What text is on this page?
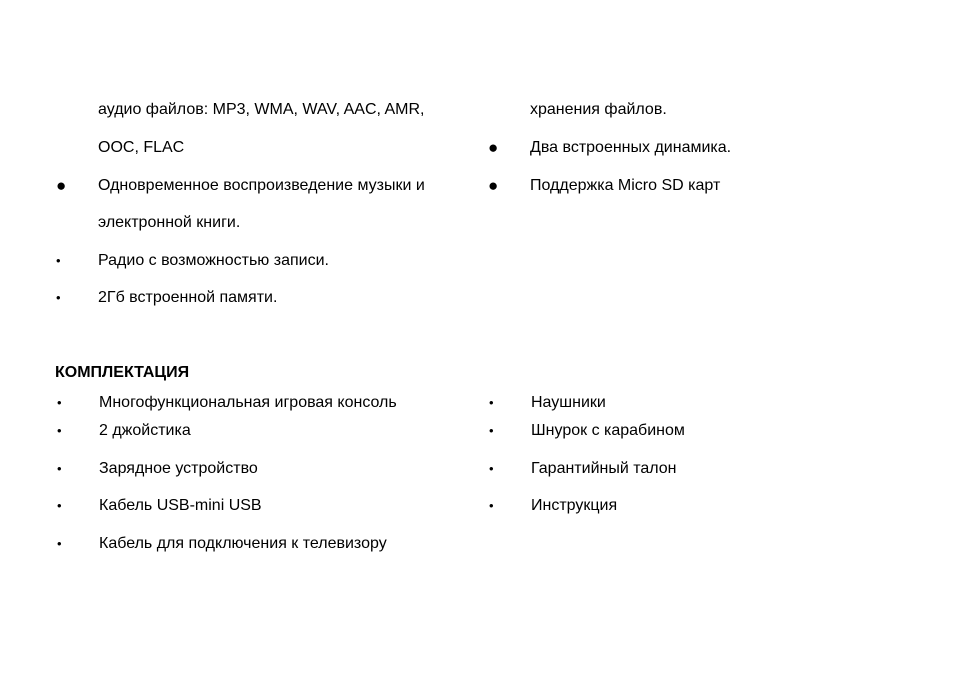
аудио файлов: MP3, WMA, WAV, AAC, AMR,
OOC, FLAC
● Одновременное воспроизведение музыки и
электронной книги.
• Радио с возможностью записи.
• 2Гб встроенной памяти.
хранения файлов.
● Два встроенных динамика.
● Поддержка Micro SD карт
КОМПЛЕКТАЦИЯ
• Многофункциональная игровая консоль
• 2 джойстика
• Зарядное устройство
• Кабель USB-mini USB
• Кабель для подключения к телевизору
• Наушники
• Шнурок с карабином
• Гарантийный талон
• Инструкция
